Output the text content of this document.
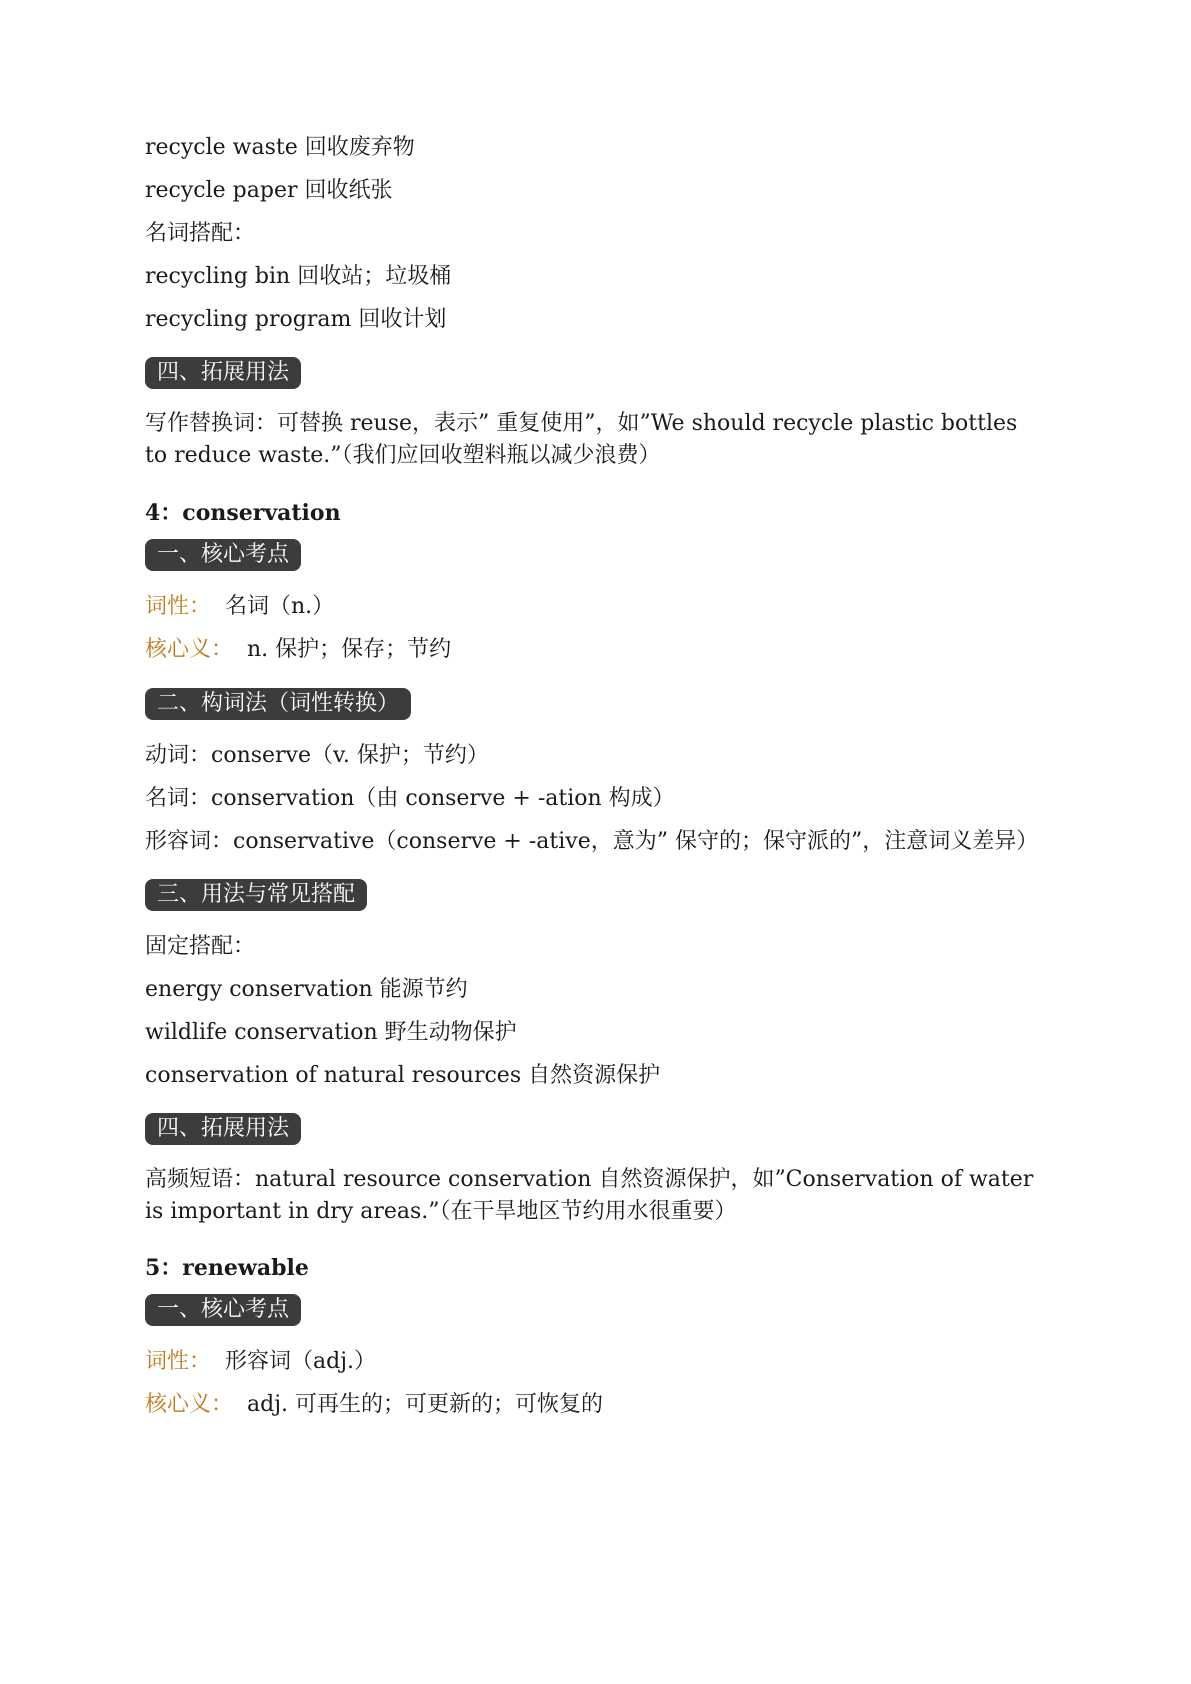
recycle waste 回收废弃物
recycle paper 回收纸张
名词搭配：
recycling bin 回收站；垃圾桶
recycling program 回收计划
四、拓展用法
写作替换词：可替换 reuse，表示” 重复使用”，如”We should recycle plastic bottles to reduce waste.”（我们应回收塑料瓶以减少浪费）
4：conservation
一、核心考点
词性： 名词（n.）
核心义： n. 保护；保存；节约
二、构词法（词性转换）
动词：conserve（v. 保护；节约）
名词：conservation（由 conserve + -ation 构成）
形容词：conservative（conserve + -ative，意为” 保守的；保守派的”，注意词义差异）
三、用法与常见搭配
固定搭配：
energy conservation 能源节约
wildlife conservation 野生动物保护
conservation of natural resources 自然资源保护
四、拓展用法
高频短语：natural resource conservation 自然资源保护，如”Conservation of water is important in dry areas.”（在干旱地区节约用水很重要）
5：renewable
一、核心考点
词性： 形容词（adj.）
核心义： adj. 可再生的；可更新的；可恢复的
